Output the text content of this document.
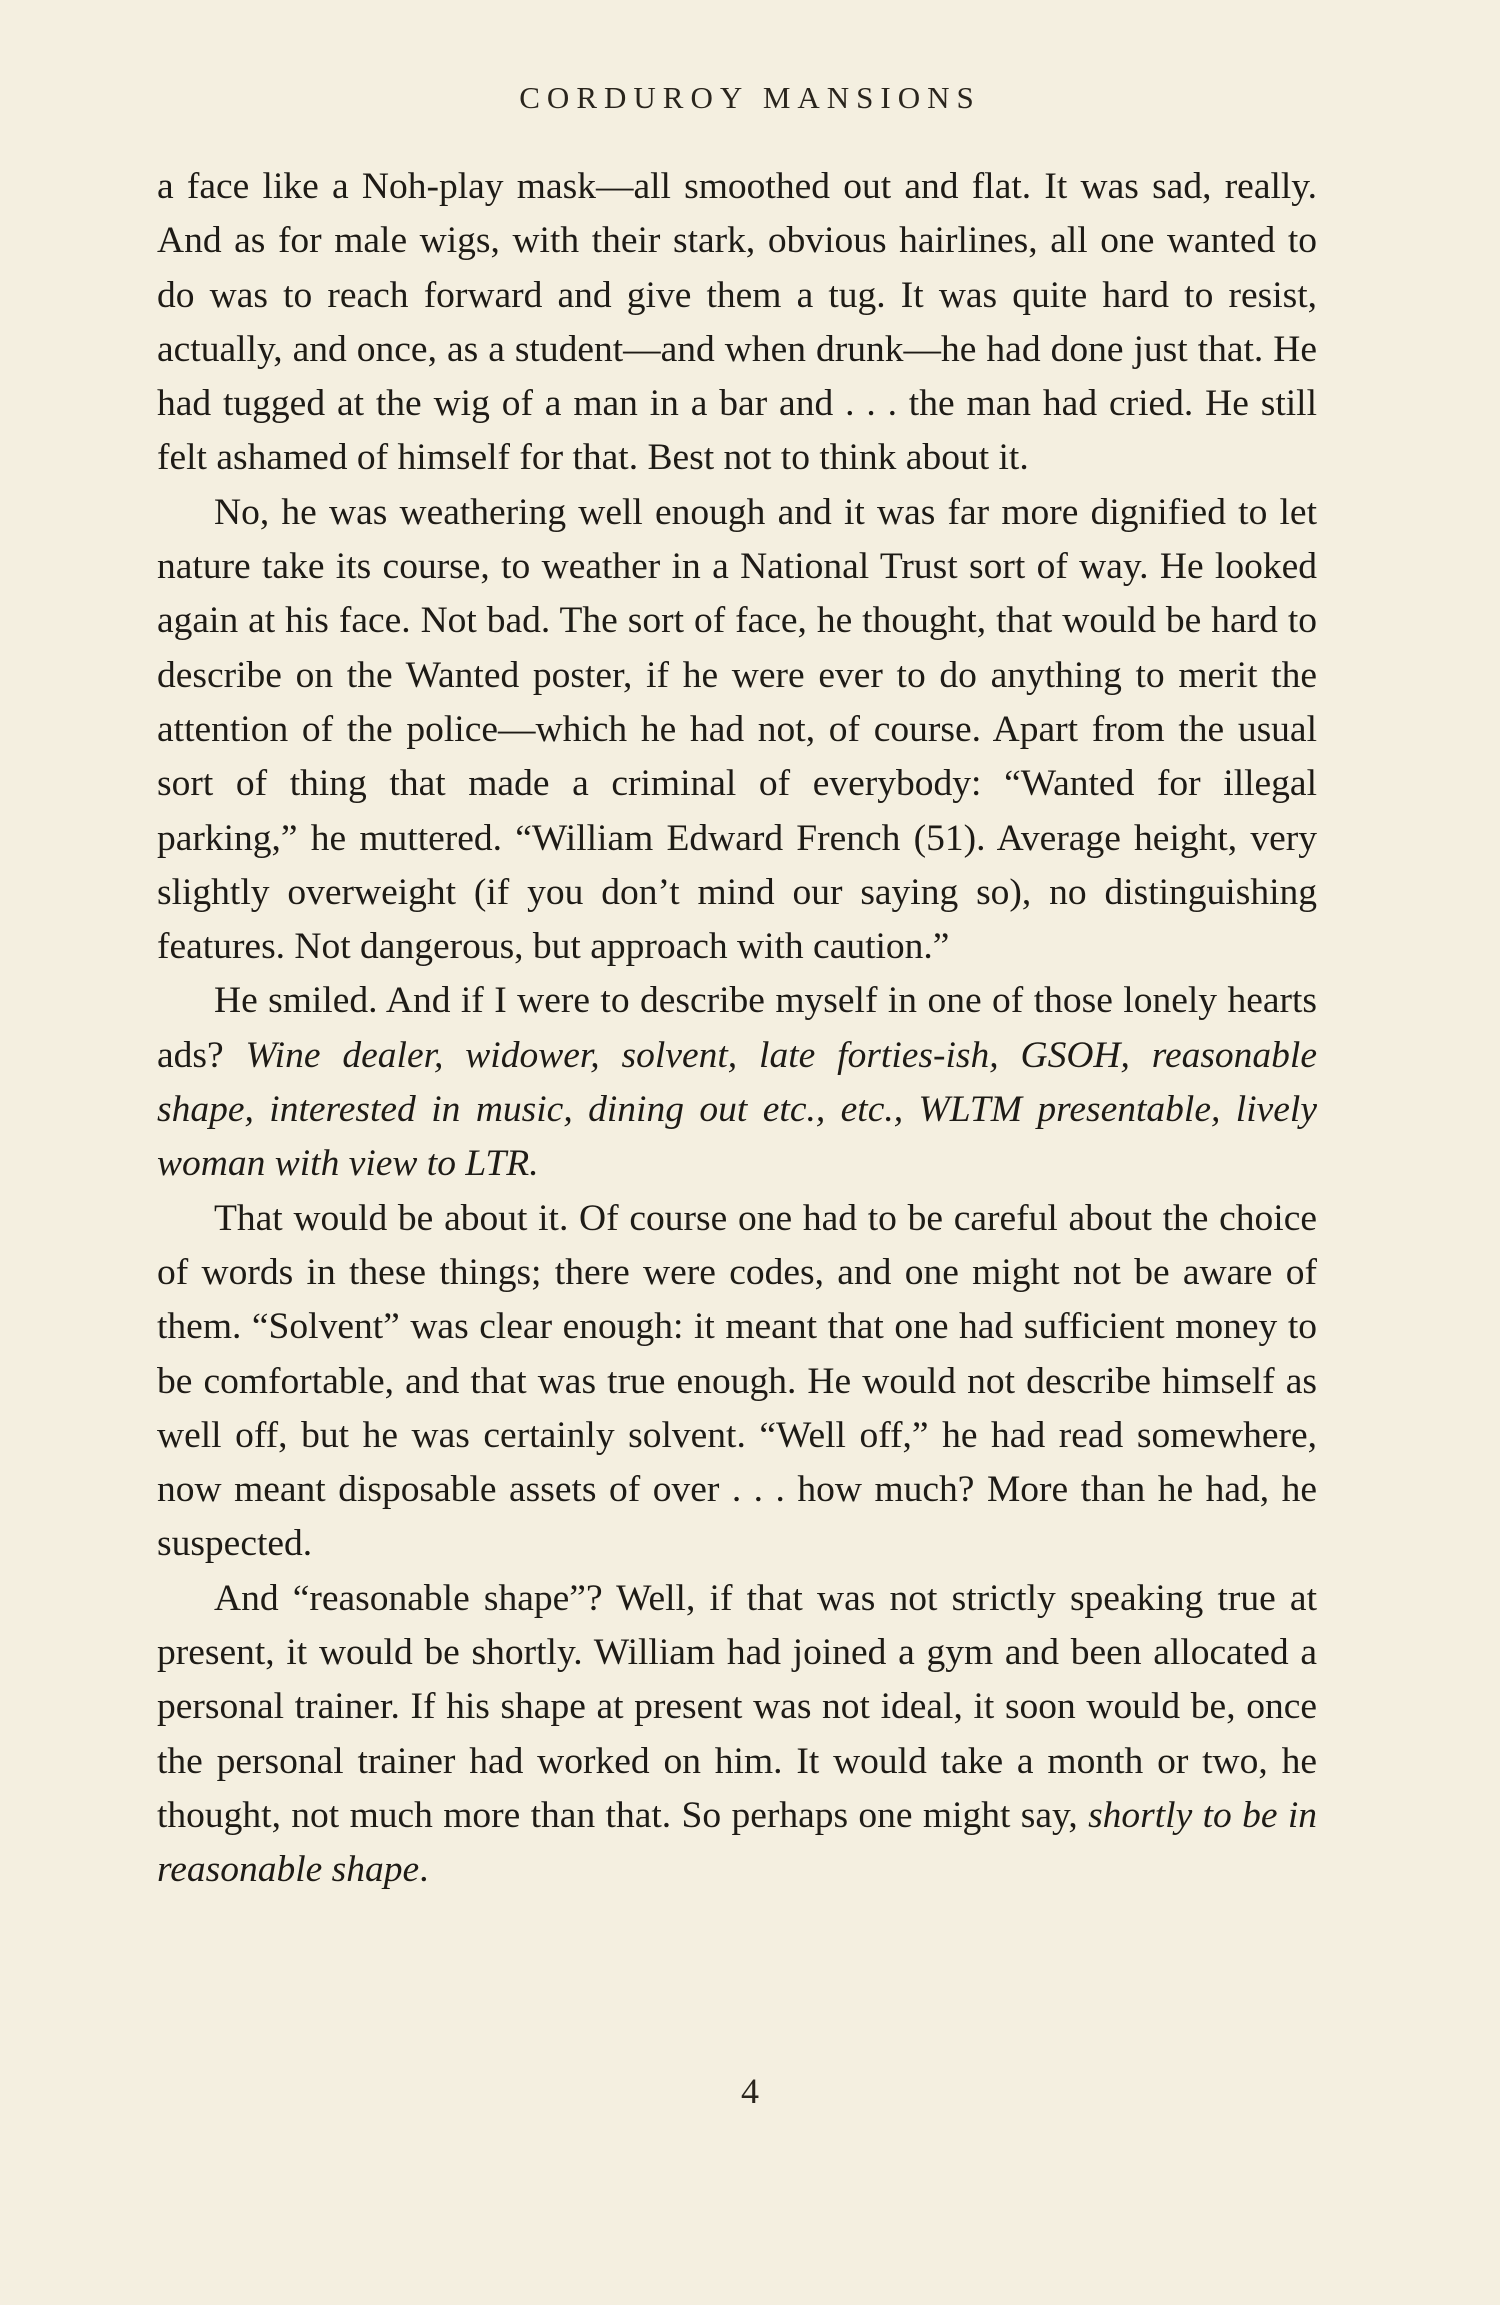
CORDUROY MANSIONS

a face like a Noh-play mask—all smoothed out and flat. It was sad, really. And as for male wigs, with their stark, obvious hairlines, all one wanted to do was to reach forward and give them a tug. It was quite hard to resist, actually, and once, as a student—and when drunk—he had done just that. He had tugged at the wig of a man in a bar and . . . the man had cried. He still felt ashamed of himself for that. Best not to think about it.

No, he was weathering well enough and it was far more dignified to let nature take its course, to weather in a National Trust sort of way. He looked again at his face. Not bad. The sort of face, he thought, that would be hard to describe on the Wanted poster, if he were ever to do anything to merit the attention of the police—which he had not, of course. Apart from the usual sort of thing that made a criminal of everybody: “Wanted for illegal parking,” he muttered. “William Edward French (51). Average height, very slightly overweight (if you don’t mind our saying so), no distinguishing features. Not dangerous, but approach with caution.”

He smiled. And if I were to describe myself in one of those lonely hearts ads? Wine dealer, widower, solvent, late forties-ish, GSOH, reasonable shape, interested in music, dining out etc., etc., WLTM presentable, lively woman with view to LTR.

That would be about it. Of course one had to be careful about the choice of words in these things; there were codes, and one might not be aware of them. “Solvent” was clear enough: it meant that one had sufficient money to be comfortable, and that was true enough. He would not describe himself as well off, but he was certainly solvent. “Well off,” he had read somewhere, now meant disposable assets of over . . . how much? More than he had, he suspected.

And “reasonable shape”? Well, if that was not strictly speaking true at present, it would be shortly. William had joined a gym and been allocated a personal trainer. If his shape at present was not ideal, it soon would be, once the personal trainer had worked on him. It would take a month or two, he thought, not much more than that. So perhaps one might say, shortly to be in reasonable shape.

4
